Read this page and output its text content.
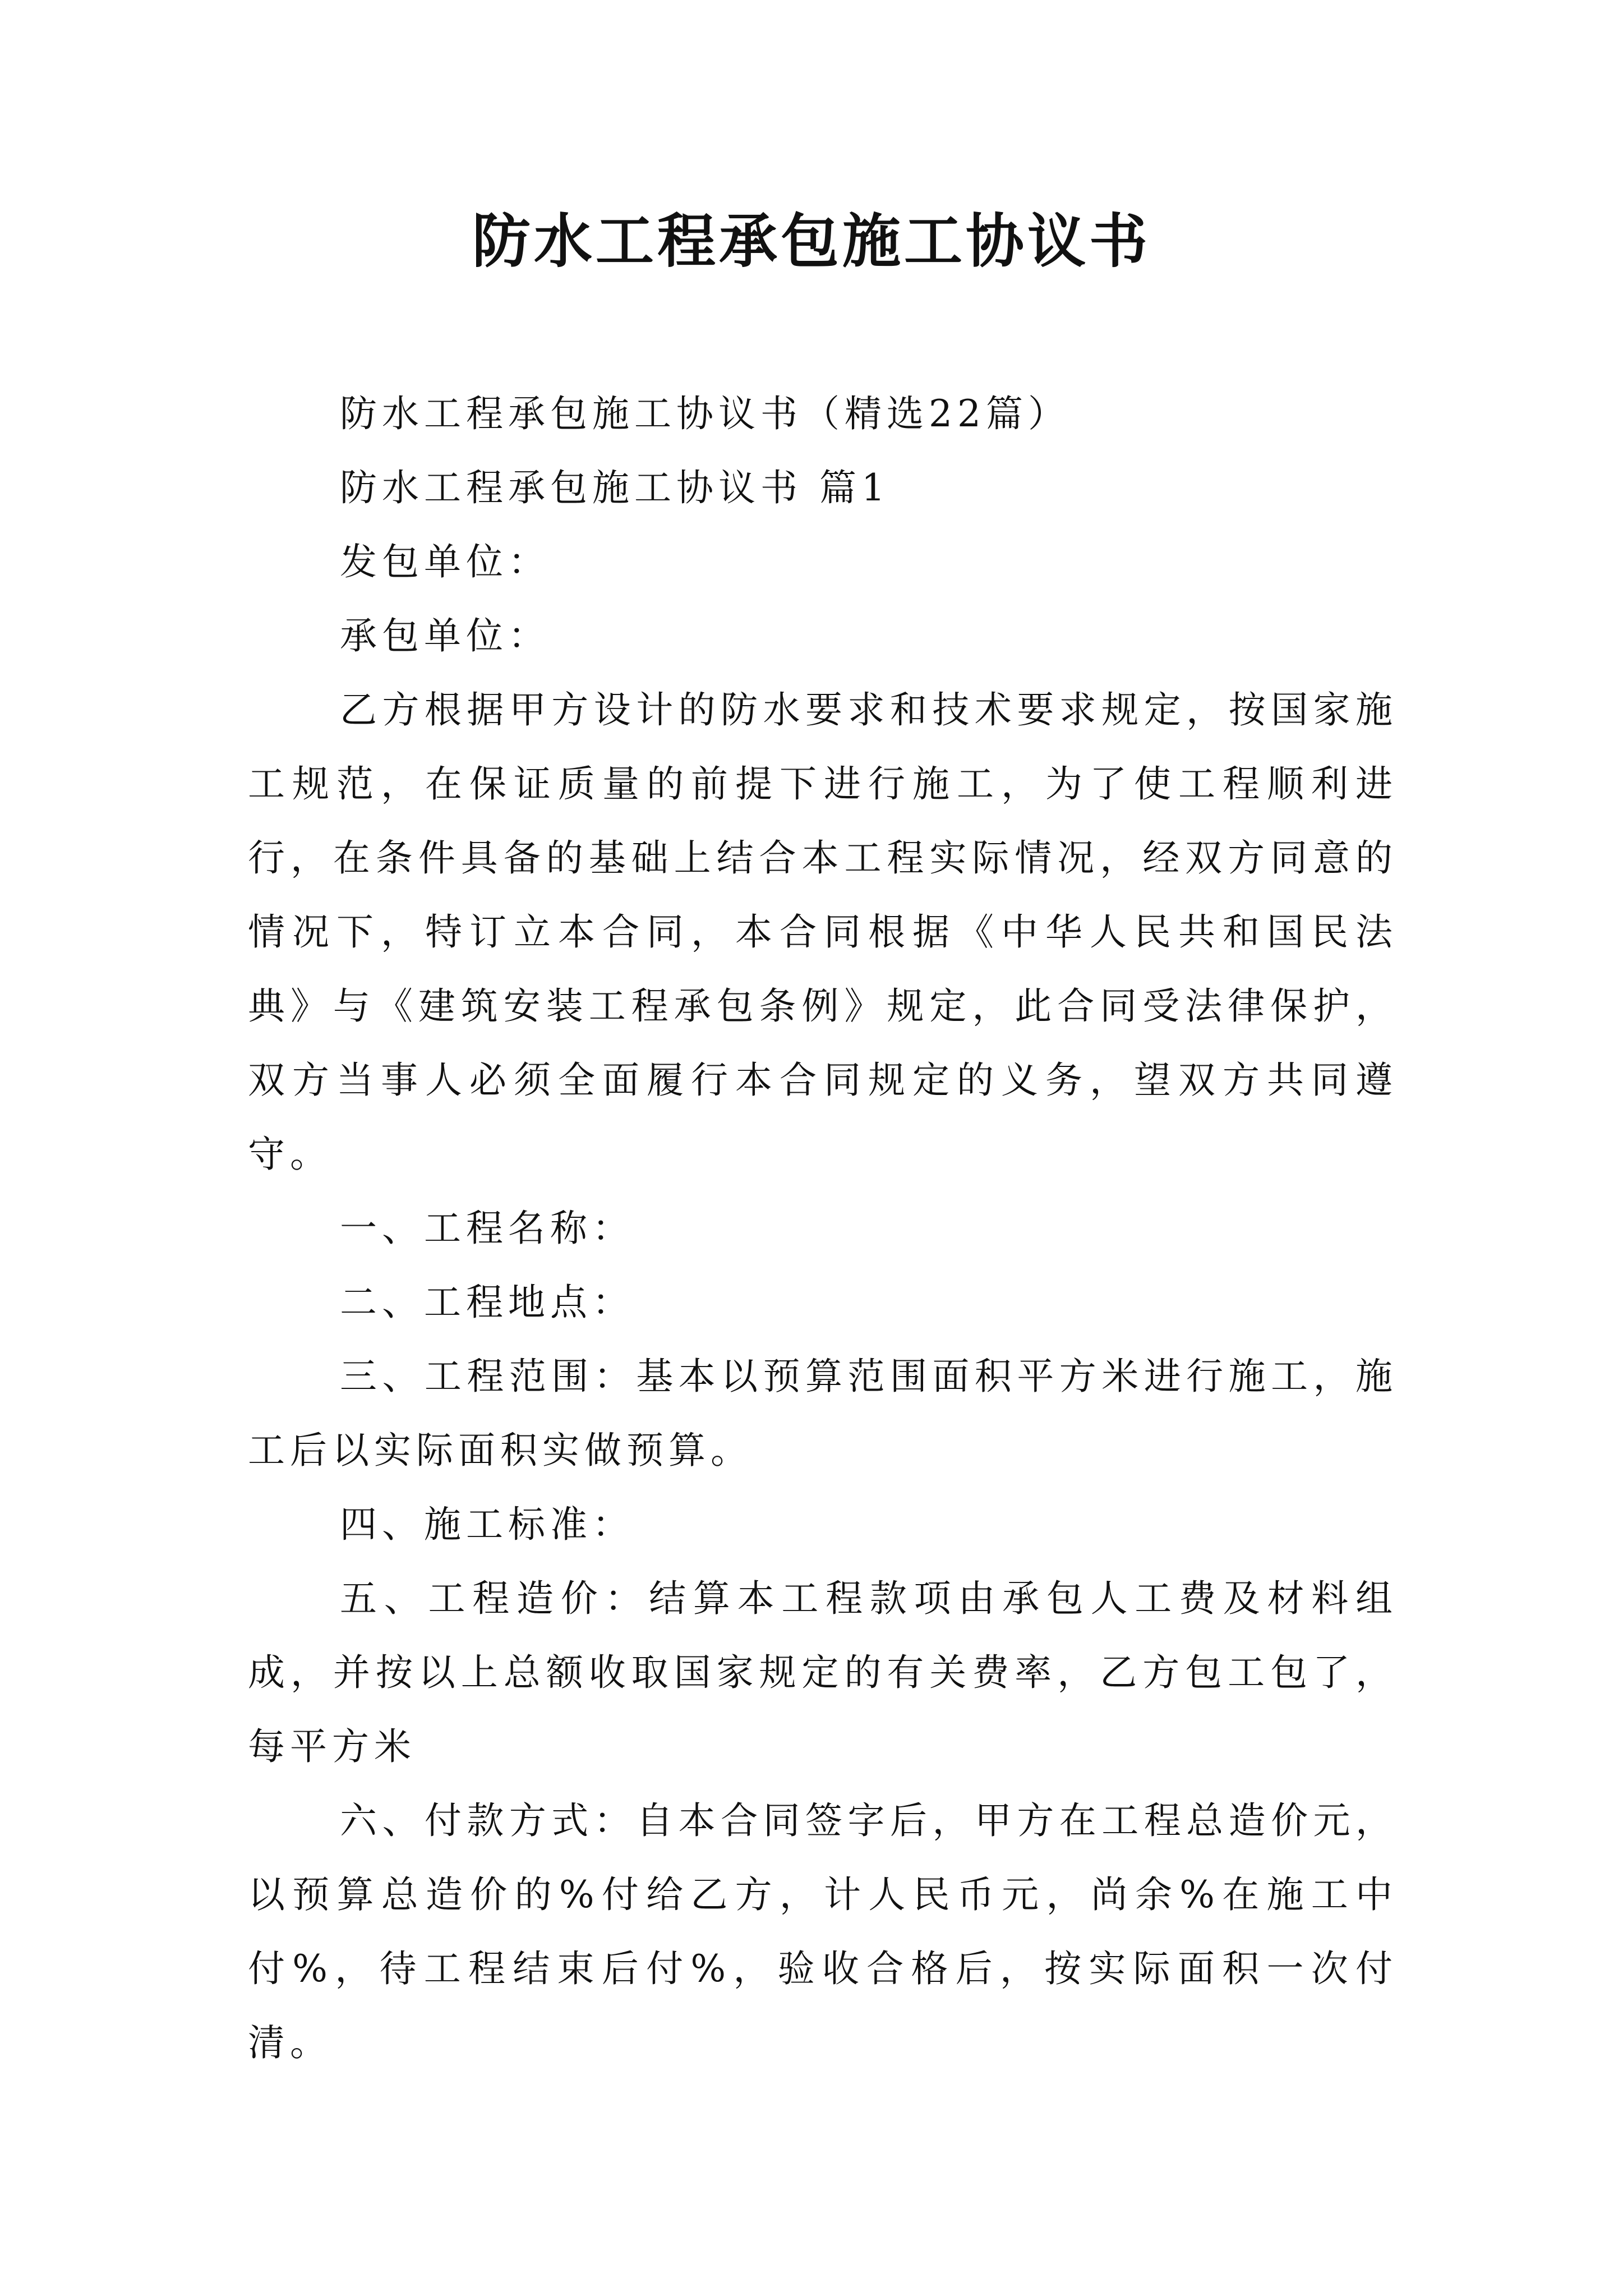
防水工程承包施工协议书

防水工程承包施工协议书（精选22篇）

防水工程承包施工协议书 篇1

发包单位：

承包单位：

乙方根据甲方设计的防水要求和技术要求规定，按国家施工规范，在保证质量的前提下进行施工，为了使工程顺利进行，在条件具备的基础上结合本工程实际情况，经双方同意的情况下，特订立本合同，本合同根据《中华人民共和国民法典》与《建筑安装工程承包条例》规定，此合同受法律保护，双方当事人必须全面履行本合同规定的义务，望双方共同遵守。

一、工程名称：

二、工程地点：

三、工程范围：基本以预算范围面积平方米进行施工，施工后以实际面积实做预算。

四、施工标准：

五、工程造价：结算本工程款项由承包人工费及材料组成，并按以上总额收取国家规定的有关费率，乙方包工包了，每平方米

六、付款方式：自本合同签字后，甲方在工程总造价元，以预算总造价的%付给乙方，计人民币元，尚余%在施工中付%，待工程结束后付%，验收合格后，按实际面积一次付清。
